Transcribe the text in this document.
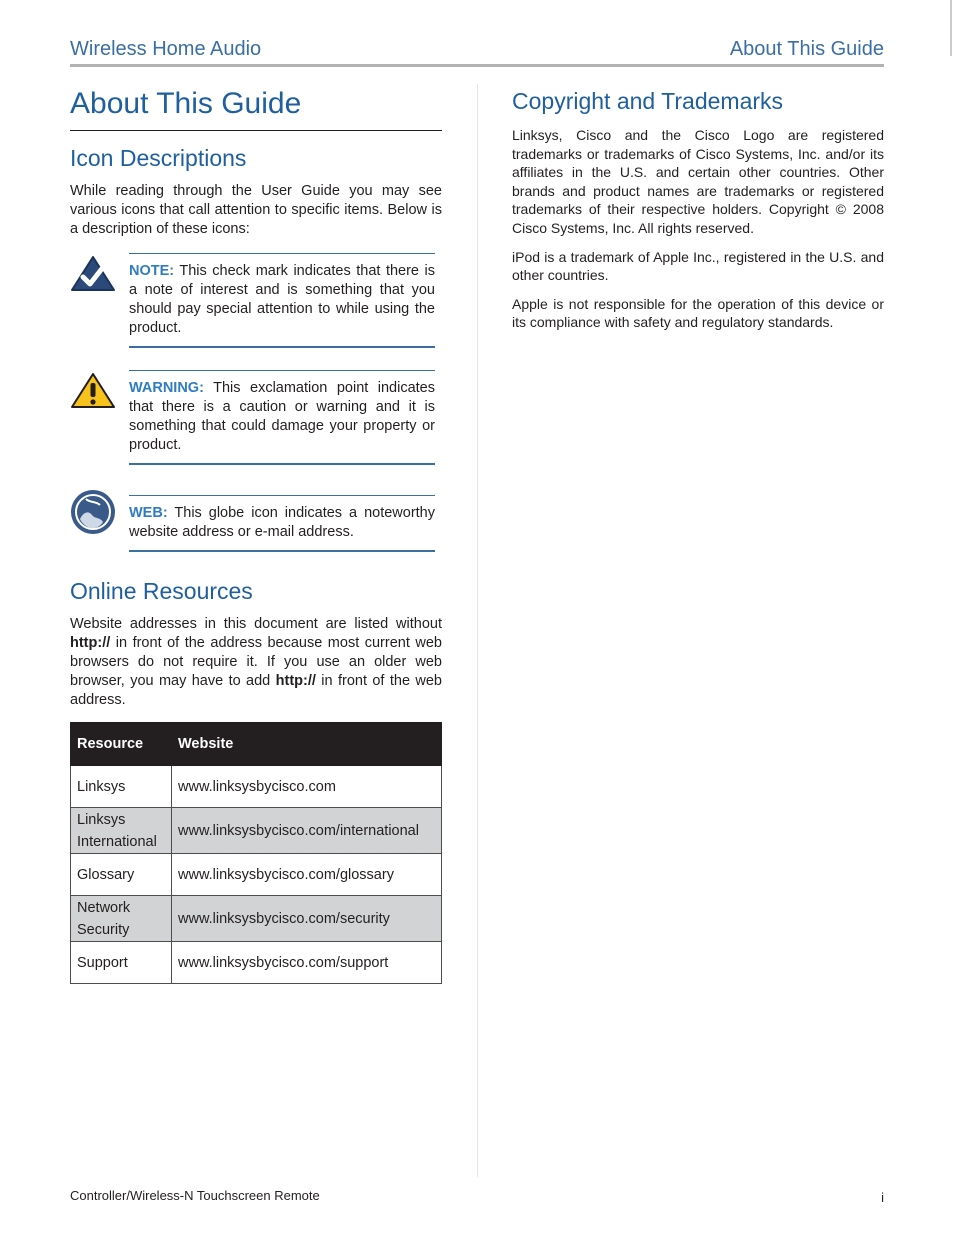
Wireless Home Audio	About This Guide
About This Guide
Icon Descriptions

While reading through the User Guide you may see various icons that call attention to specific items. Below is a description of these icons:

NOTE: This check mark indicates that there is a note of interest and is something that you should pay special attention to while using the product.

WARNING: This exclamation point indicates that there is a caution or warning and it is something that could damage your property or product.

WEB: This globe icon indicates a noteworthy website address or e-mail address.

Online Resources

Website addresses in this document are listed without http:// in front of the address because most current web browsers do not require it. If you use an older web browser, you may have to add http:// in front of the web address.

Resource	Website
Linksys	www.linksysbycisco.com
Linksys International	www.linksysbycisco.com/international
Glossary	www.linksysbycisco.com/glossary
Network Security	www.linksysbycisco.com/security
Support	www.linksysbycisco.com/support
Copyright and Trademarks

Linksys, Cisco and the Cisco Logo are registered trademarks or trademarks of Cisco Systems, Inc. and/or its affiliates in the U.S. and certain other countries. Other brands and product names are trademarks or registered trademarks of their respective holders. Copyright © 2008 Cisco Systems, Inc. All rights reserved.

iPod is a trademark of Apple Inc., registered in the U.S. and other countries.

Apple is not responsible for the operation of this device or its compliance with safety and regulatory standards.

Controller/Wireless-N Touchscreen Remote	i
